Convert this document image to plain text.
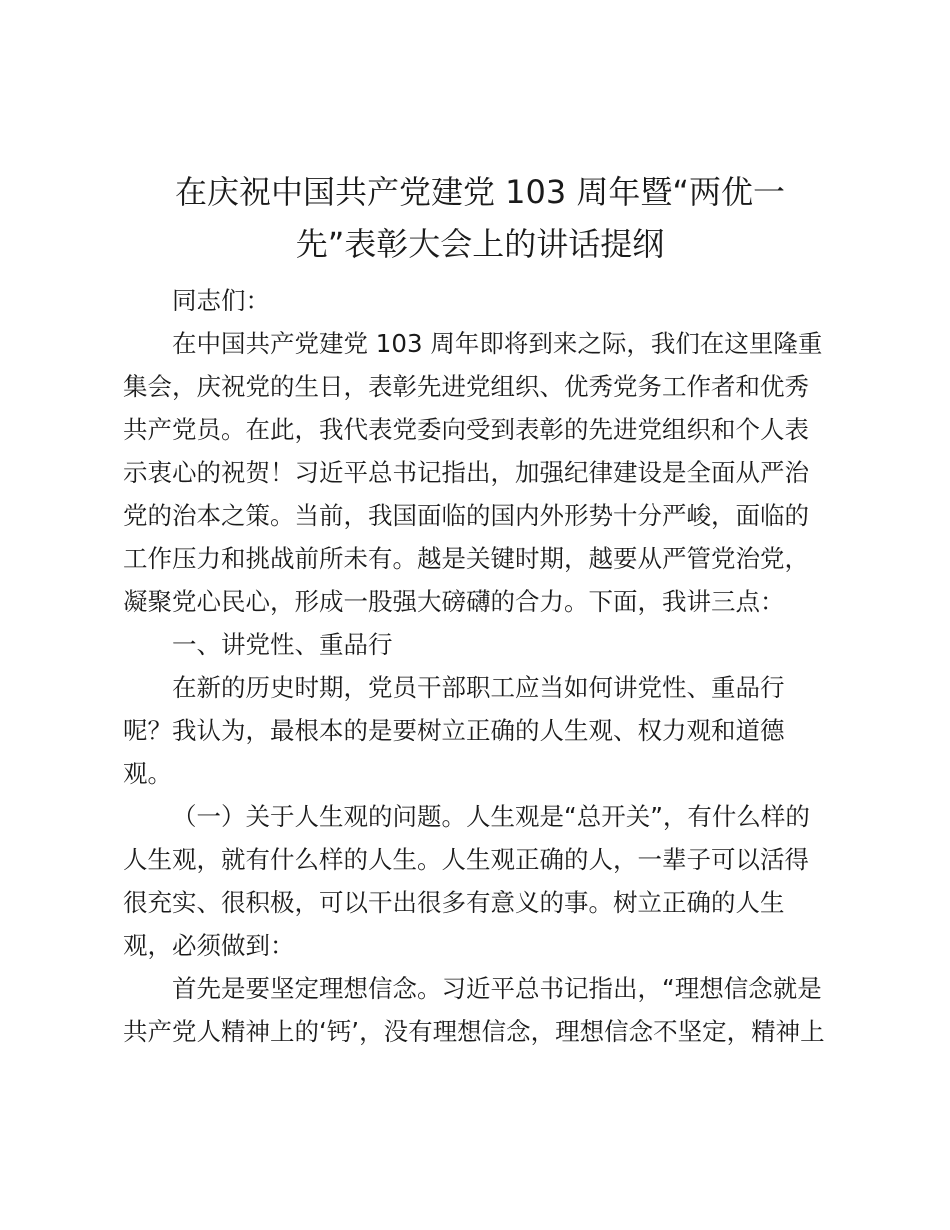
在庆祝中国共产党建党 103 周年暨“两优一
先”表彰大会上的讲话提纲

同志们：

在中国共产党建党 103 周年即将到来之际，我们在这里隆重
集会，庆祝党的生日，表彰先进党组织、优秀党务工作者和优秀
共产党员。在此，我代表党委向受到表彰的先进党组织和个人表
示衷心的祝贺！习近平总书记指出，加强纪律建设是全面从严治
党的治本之策。当前，我国面临的国内外形势十分严峻，面临的
工作压力和挑战前所未有。越是关键时期，越要从严管党治党，
凝聚党心民心，形成一股强大磅礴的合力。下面，我讲三点：

一、讲党性、重品行

在新的历史时期，党员干部职工应当如何讲党性、重品行
呢？我认为，最根本的是要树立正确的人生观、权力观和道德
观。

（一）关于人生观的问题。人生观是“总开关”，有什么样的
人生观，就有什么样的人生。人生观正确的人，一辈子可以活得
很充实、很积极，可以干出很多有意义的事。树立正确的人生
观，必须做到：

首先是要坚定理想信念。习近平总书记指出，“理想信念就是
共产党人精神上的‘钙’，没有理想信念，理想信念不坚定，精神上
